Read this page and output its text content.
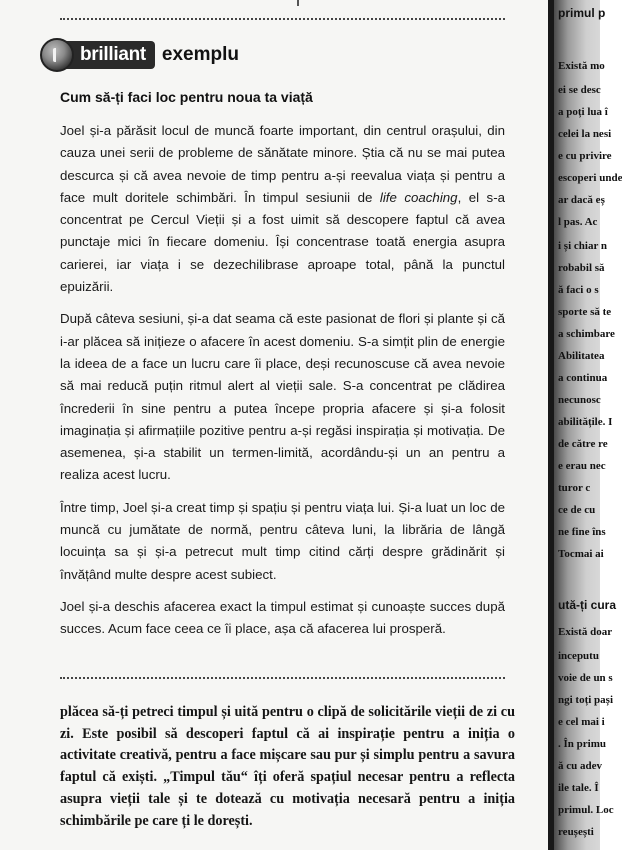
brilliant exemplu
Cum să-ți faci loc pentru noua ta viață

Joel și-a părăsit locul de muncă foarte important, din centrul orașului, din cauza unei serii de probleme de sănătate minore. Știa că nu se mai putea descurca și că avea nevoie de timp pentru a-și reevalua viața și pentru a face mult doritele schimbări. În timpul sesiunii de life coaching, el s-a concentrat pe Cercul Vieții și a fost uimit să descopere faptul că avea punctaje mici în fiecare domeniu. Își concentrase toată energia asupra carierei, iar viața i se dezechilibrase aproape total, până la punctul epuizării.

După câteva sesiuni, și-a dat seama că este pasionat de flori și plante și că i-ar plăcea să inițieze o afacere în acest domeniu. S-a simțit plin de energie la ideea de a face un lucru care îi place, deși recunoscuse că avea nevoie să mai reducă puțin ritmul alert al vieții sale. S-a concentrat pe clădirea încrederii în sine pentru a putea începe propria afacere și și-a folosit imaginația și afirmațiile pozitive pentru a-și regăsi inspirația și motivația. De asemenea, și-a stabilit un termen-limită, acordându-și un an pentru a realiza acest lucru.

Între timp, Joel și-a creat timp și spațiu și pentru viața lui. Și-a luat un loc de muncă cu jumătate de normă, pentru câteva luni, la librăria de lângă locuința sa și și-a petrecut mult timp citind cărți despre grădinărit și învățând multe despre acest subiect.

Joel și-a deschis afacerea exact la timpul estimat și cunoaște succes după succes. Acum face ceea ce îi place, așa că afacerea lui prosperă.

plăcea să-ți petreci timpul și uită pentru o clipă de solicitările vieții de zi cu zi. Este posibil să descoperi faptul că ai inspirație pentru a iniția o activitate creativă, pentru a face mișcare sau pur și simplu pentru a savura faptul că exiști. „Timpul tău“ îți oferă spațiul necesar pentru a reflecta asupra vieții tale și te dotează cu motivația necesară pentru a iniția schimbările pe care ți le dorești.

primul p
Există mo
ei se desc
a poți lua î
celei la nesi
e cu privire
escoperi unde
ar dacă eș
l pas. Ac
i și chiar n
robabil să
ă faci o s
sporte să te
a schimbare
Abilitatea
a continua
necunosc
abilitățile. I
de către re
e erau nec
turor c
ce de cu
ne fine îns
Tocmai ai
ută-ți cura
Există doar
inceputu
voie de un s
ngi toți pași
e cel mai i
. În primu
ă cu adev
ile tale. Î
primul. Loc
reușești
